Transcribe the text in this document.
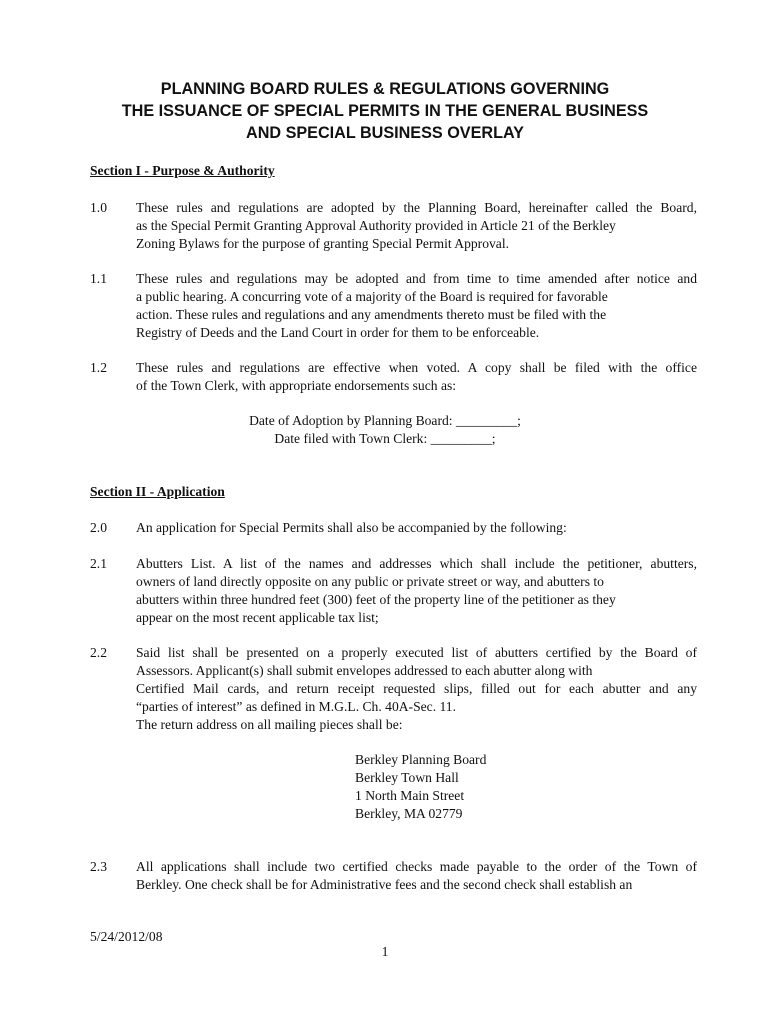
PLANNING BOARD RULES & REGULATIONS GOVERNING
THE ISSUANCE OF SPECIAL PERMITS IN THE GENERAL BUSINESS
AND SPECIAL BUSINESS OVERLAY
Section I - Purpose & Authority
1.0 These rules and regulations are adopted by the Planning Board, hereinafter called the Board,
as the Special Permit Granting Approval Authority provided in Article 21 of the Berkley
Zoning Bylaws for the purpose of granting Special Permit Approval.
1.1 These rules and regulations may be adopted and from time to time amended after notice and
a public hearing. A concurring vote of a majority of the Board is required for favorable
action. These rules and regulations and any amendments thereto must be filed with the
Registry of Deeds and the Land Court in order for them to be enforceable.
1.2 These rules and regulations are effective when voted. A copy shall be filed with the office
of the Town Clerk, with appropriate endorsements such as:
Date of Adoption by Planning Board: _________;
Date filed with Town Clerk: _________;
Section II - Application
2.0 An application for Special Permits shall also be accompanied by the following:
2.1 Abutters List. A list of the names and addresses which shall include the petitioner, abutters,
owners of land directly opposite on any public or private street or way, and abutters to
abutters within three hundred feet (300) feet of the property line of the petitioner as they
appear on the most recent applicable tax list;
2.2 Said list shall be presented on a properly executed list of abutters certified by the Board of
Assessors. Applicant(s) shall submit envelopes addressed to each abutter along with
Certified Mail cards, and return receipt requested slips, filled out for each abutter and any
“parties of interest” as defined in M.G.L. Ch. 40A-Sec. 11.
The return address on all mailing pieces shall be:
Berkley Planning Board
Berkley Town Hall
1 North Main Street
Berkley, MA 02779
2.3 All applications shall include two certified checks made payable to the order of the Town of
Berkley. One check shall be for Administrative fees and the second check shall establish an
5/24/2012/08
1
